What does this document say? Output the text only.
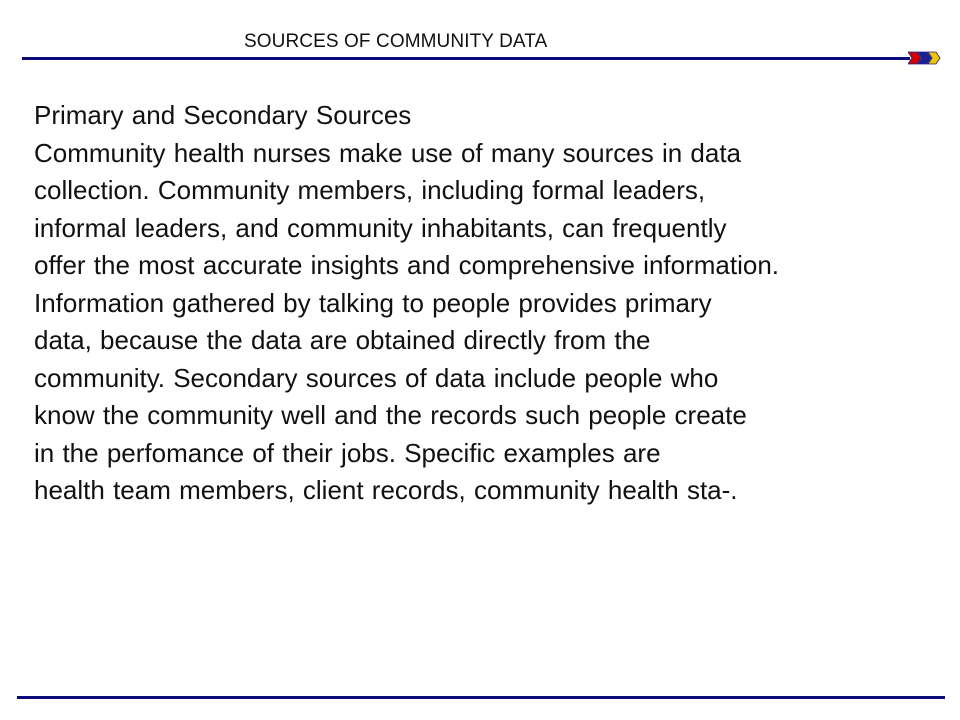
SOURCES OF COMMUNITY DATA
Primary and Secondary Sources
Community health nurses make use of many sources in data
collection. Community members, including formal leaders,
informal leaders, and community inhabitants, can frequently
offer the most accurate insights and comprehensive information.
Information gathered by talking to people provides primary
data, because the data are obtained directly from the
community. Secondary sources of data include people who
know the community well and the records such people create
in the perfomance of their jobs. Specific examples are
health team members, client records, community health sta-.
